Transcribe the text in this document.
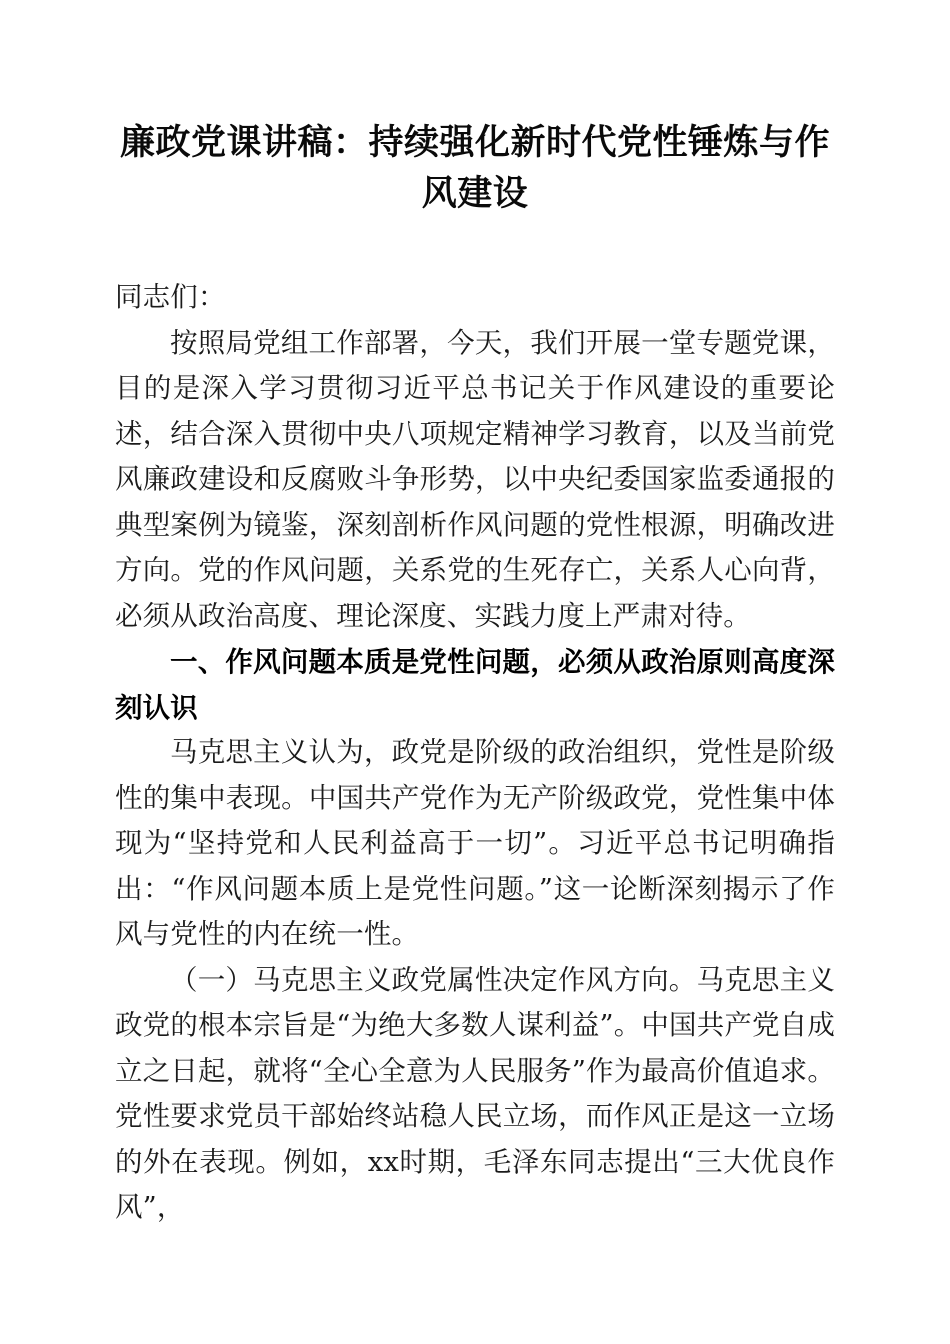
廉政党课讲稿：持续强化新时代党性锤炼与作风建设

同志们：

按照局党组工作部署，今天，我们开展一堂专题党课，目的是深入学习贯彻习近平总书记关于作风建设的重要论述，结合深入贯彻中央八项规定精神学习教育，以及当前党风廉政建设和反腐败斗争形势，以中央纪委国家监委通报的典型案例为镜鉴，深刻剖析作风问题的党性根源，明确改进方向。党的作风问题，关系党的生死存亡，关系人心向背，必须从政治高度、理论深度、实践力度上严肃对待。

一、作风问题本质是党性问题，必须从政治原则高度深刻认识

马克思主义认为，政党是阶级的政治组织，党性是阶级性的集中表现。中国共产党作为无产阶级政党，党性集中体现为“坚持党和人民利益高于一切”。习近平总书记明确指出：“作风问题本质上是党性问题。”这一论断深刻揭示了作风与党性的内在统一性。

（一）马克思主义政党属性决定作风方向。马克思主义政党的根本宗旨是“为绝大多数人谋利益”。中国共产党自成立之日起，就将“全心全意为人民服务”作为最高价值追求。党性要求党员干部始终站稳人民立场，而作风正是这一立场的外在表现。例如，xx时期，毛泽东同志提出“三大优良作风”，
